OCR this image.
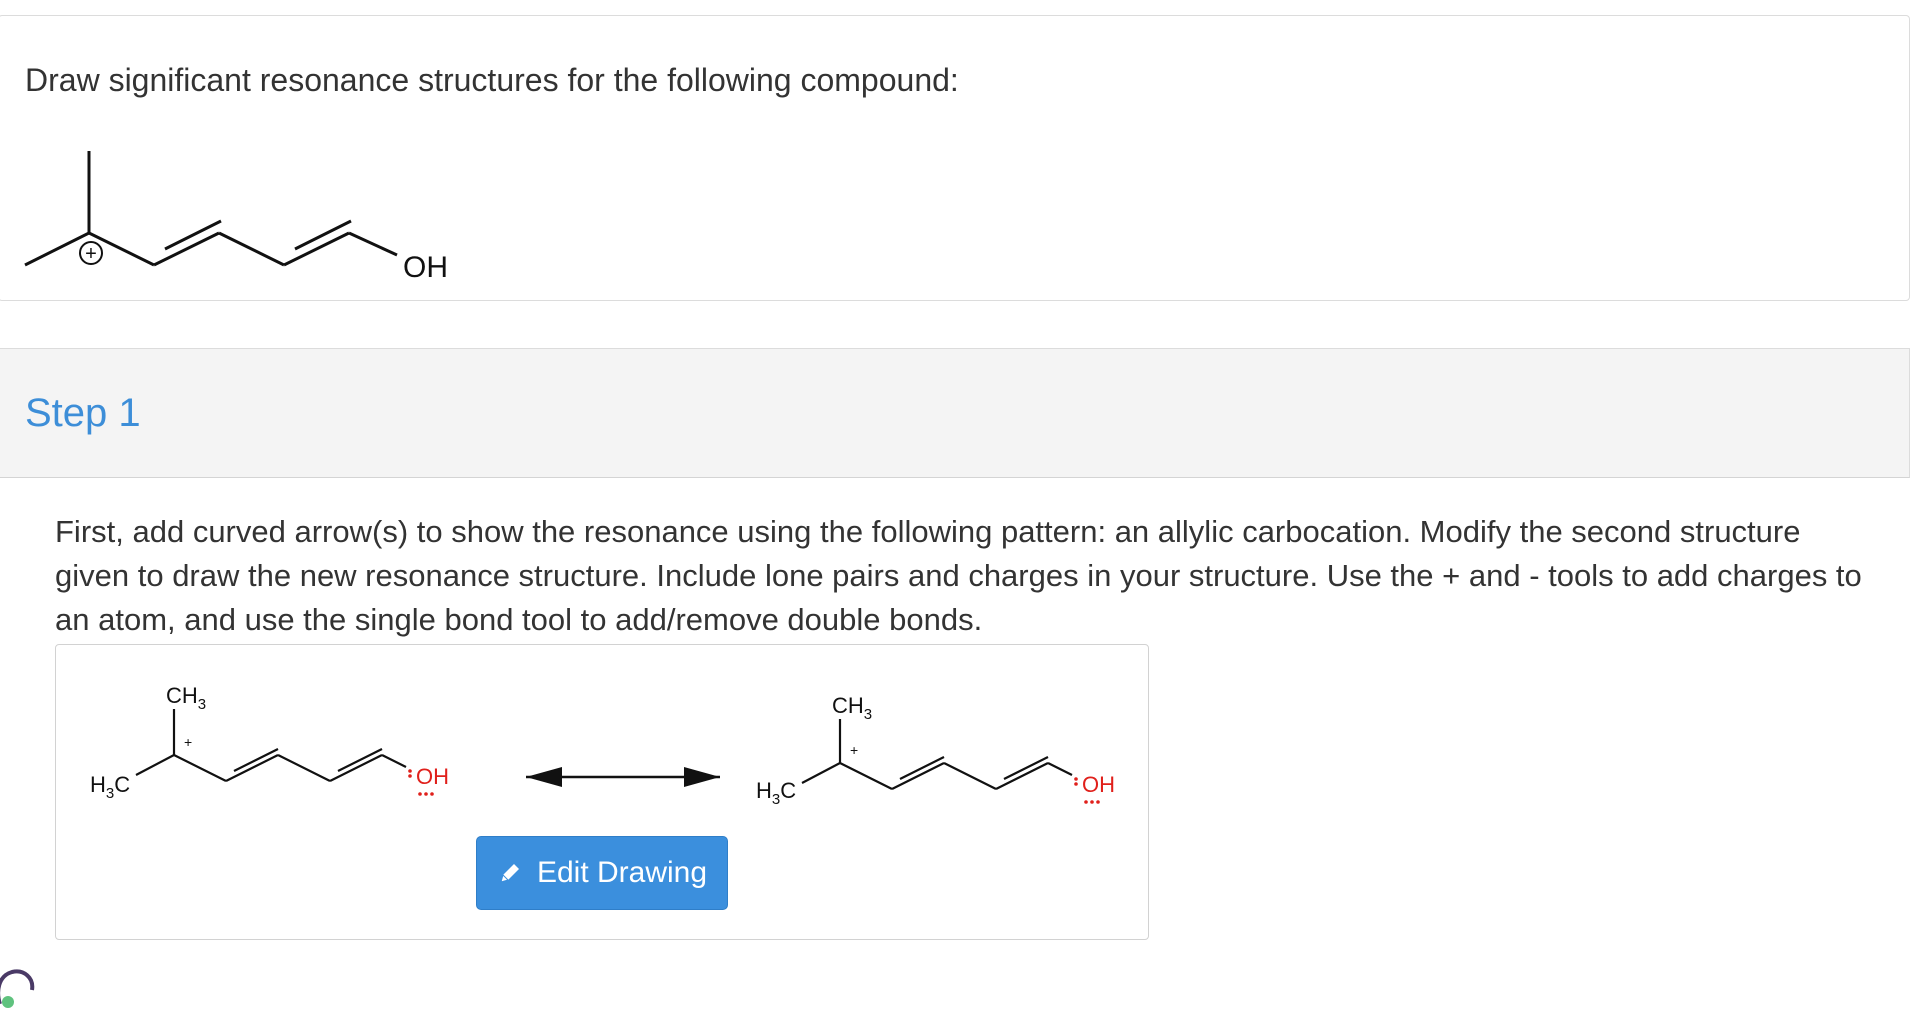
Draw significant resonance structures for the following compound:
+	OH
Step 1
First, add curved arrow(s) to show the resonance using the following pattern: an allylic carbocation. Modify the second structure given to draw the new resonance structure. Include lone pairs and charges in your structure. Use the + and - tools to add charges to an atom, and use the single bond tool to add/remove double bonds.
$CH_3$
$H_3C$
+
OH
$CH_3$
$H_3C$
+
OH
Edit Drawing
